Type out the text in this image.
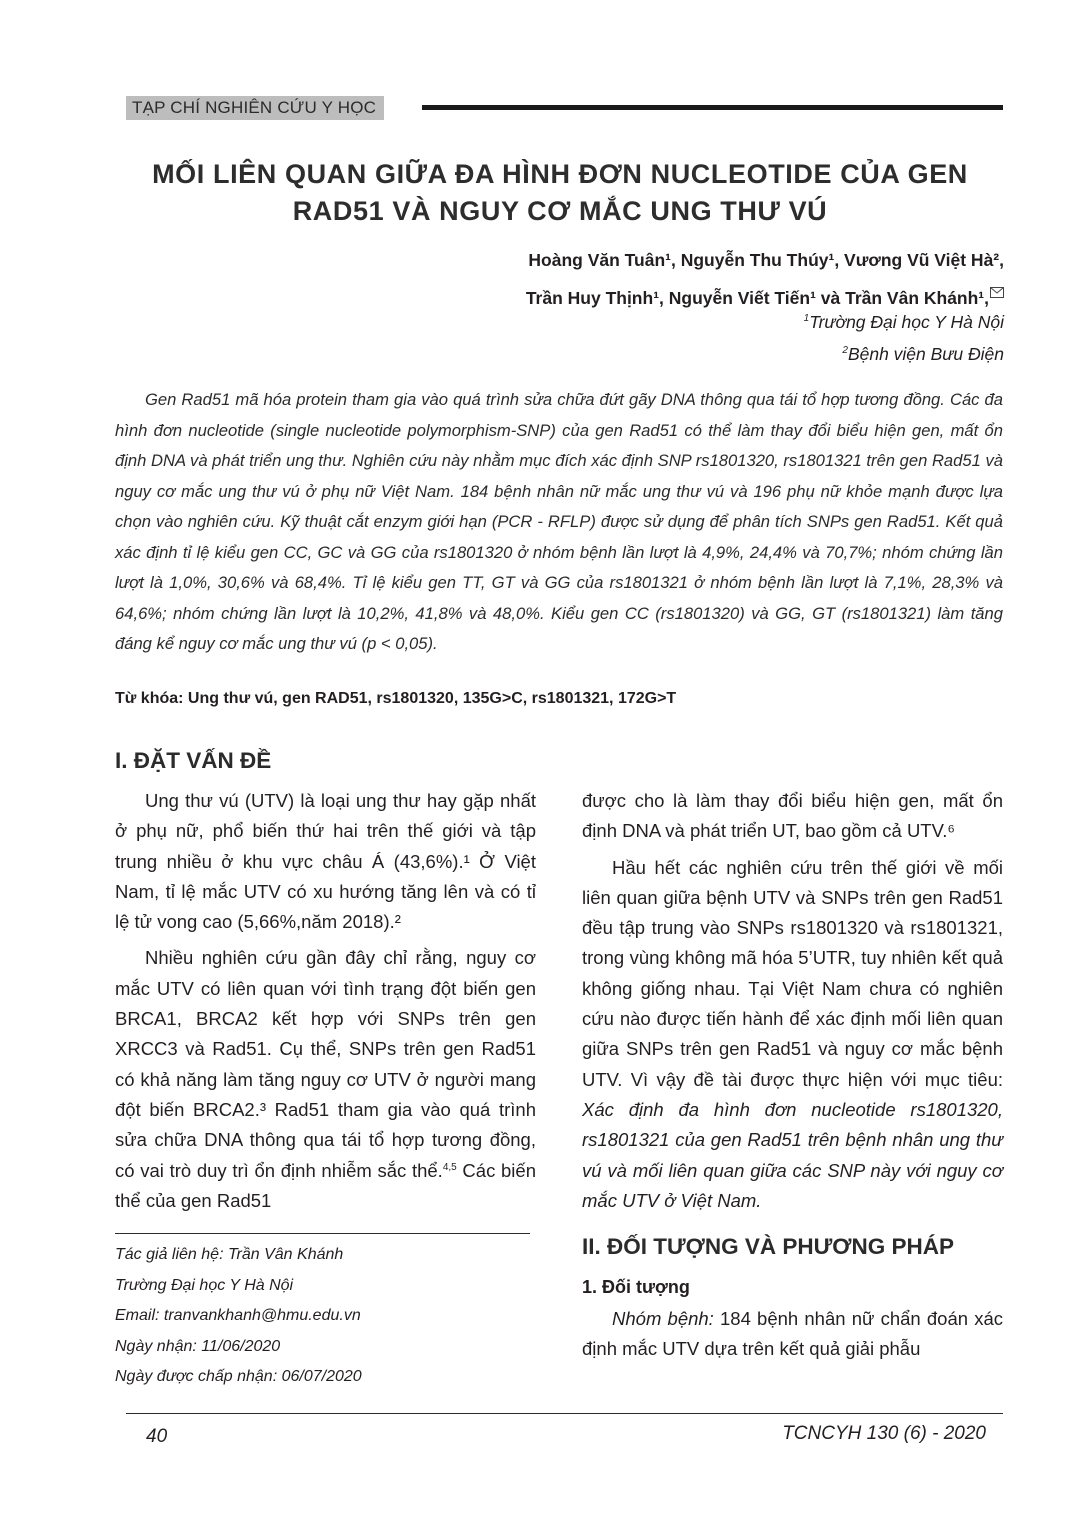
TẠP CHÍ NGHIÊN CỨU Y HỌC
MỐI LIÊN QUAN GIỮA ĐA HÌNH ĐƠN NUCLEOTIDE CỦA GEN
RAD51 VÀ NGUY CƠ MẮC UNG THƯ VÚ
Hoàng Văn Tuân¹, Nguyễn Thu Thúy¹, Vương Vũ Việt Hà²,
Trần Huy Thịnh¹, Nguyễn Viết Tiến¹ và Trần Vân Khánh¹,
$^1$Trường Đại học Y Hà Nội
$^2$Bệnh viện Bưu Điện

Gen Rad51 mã hóa protein tham gia vào quá trình sửa chữa đứt gãy DNA thông qua tái tổ hợp tương đồng. Các đa hình đơn nucleotide (single nucleotide polymorphism-SNP) của gen Rad51 có thể làm thay đổi biểu hiện gen, mất ổn định DNA và phát triển ung thư. Nghiên cứu này nhằm mục đích xác định SNP rs1801320, rs1801321 trên gen Rad51 và nguy cơ mắc ung thư vú ở phụ nữ Việt Nam. 184 bệnh nhân nữ mắc ung thư vú và 196 phụ nữ khỏe mạnh được lựa chọn vào nghiên cứu. Kỹ thuật cắt enzym giới hạn (PCR - RFLP) được sử dụng để phân tích SNPs gen Rad51. Kết quả xác định tỉ lệ kiểu gen CC, GC và GG của rs1801320 ở nhóm bệnh lần lượt là 4,9%, 24,4% và 70,7%; nhóm chứng lần lượt là 1,0%, 30,6% và 68,4%. Tỉ lệ kiểu gen TT, GT và GG của rs1801321 ở nhóm bệnh lần lượt là 7,1%, 28,3% và 64,6%; nhóm chứng lần lượt là 10,2%, 41,8% và 48,0%. Kiểu gen CC (rs1801320) và GG, GT (rs1801321) làm tăng đáng kể nguy cơ mắc ung thư vú (p < 0,05).

Từ khóa: Ung thư vú, gen RAD51, rs1801320, 135G>C, rs1801321, 172G>T

I. ĐẶT VẤN ĐỀ

Ung thư vú (UTV) là loại ung thư hay gặp nhất ở phụ nữ, phổ biến thứ hai trên thế giới và tập trung nhiều ở khu vực châu Á (43,6%).¹ Ở Việt Nam, tỉ lệ mắc UTV có xu hướng tăng lên và có tỉ lệ tử vong cao (5,66%,năm 2018).²

Nhiều nghiên cứu gần đây chỉ rằng, nguy cơ mắc UTV có liên quan với tình trạng đột biến gen BRCA1, BRCA2 kết hợp với SNPs trên gen XRCC3 và Rad51. Cụ thể, SNPs trên gen Rad51 có khả năng làm tăng nguy cơ UTV ở người mang đột biến BRCA2.³ Rad51 tham gia vào quá trình sửa chữa DNA thông qua tái tổ hợp tương đồng, có vai trò duy trì ổn định nhiễm sắc thể.$^{4,5}$ Các biến thể của gen Rad51

được cho là làm thay đổi biểu hiện gen, mất ổn định DNA và phát triển UT, bao gồm cả UTV.⁶

Hầu hết các nghiên cứu trên thế giới về mối liên quan giữa bệnh UTV và SNPs trên gen Rad51 đều tập trung vào SNPs rs1801320 và rs1801321, trong vùng không mã hóa 5’UTR, tuy nhiên kết quả không giống nhau. Tại Việt Nam chưa có nghiên cứu nào được tiến hành để xác định mối liên quan giữa SNPs trên gen Rad51 và nguy cơ mắc bệnh UTV. Vì vậy đề tài được thực hiện với mục tiêu: Xác định đa hình đơn nucleotide rs1801320, rs1801321 của gen Rad51 trên bệnh nhân ung thư vú và mối liên quan giữa các SNP này với nguy cơ mắc UTV ở Việt Nam.

II. ĐỐI TƯỢNG VÀ PHƯƠNG PHÁP
1. Đối tượng

Nhóm bệnh: 184 bệnh nhân nữ chẩn đoán xác định mắc UTV dựa trên kết quả giải phẫu

Tác giả liên hệ: Trần Vân Khánh
Trường Đại học Y Hà Nội
Email: tranvankhanh@hmu.edu.vn
Ngày nhận: 11/06/2020
Ngày được chấp nhận: 06/07/2020
40	TCNCYH 130 (6) - 2020
